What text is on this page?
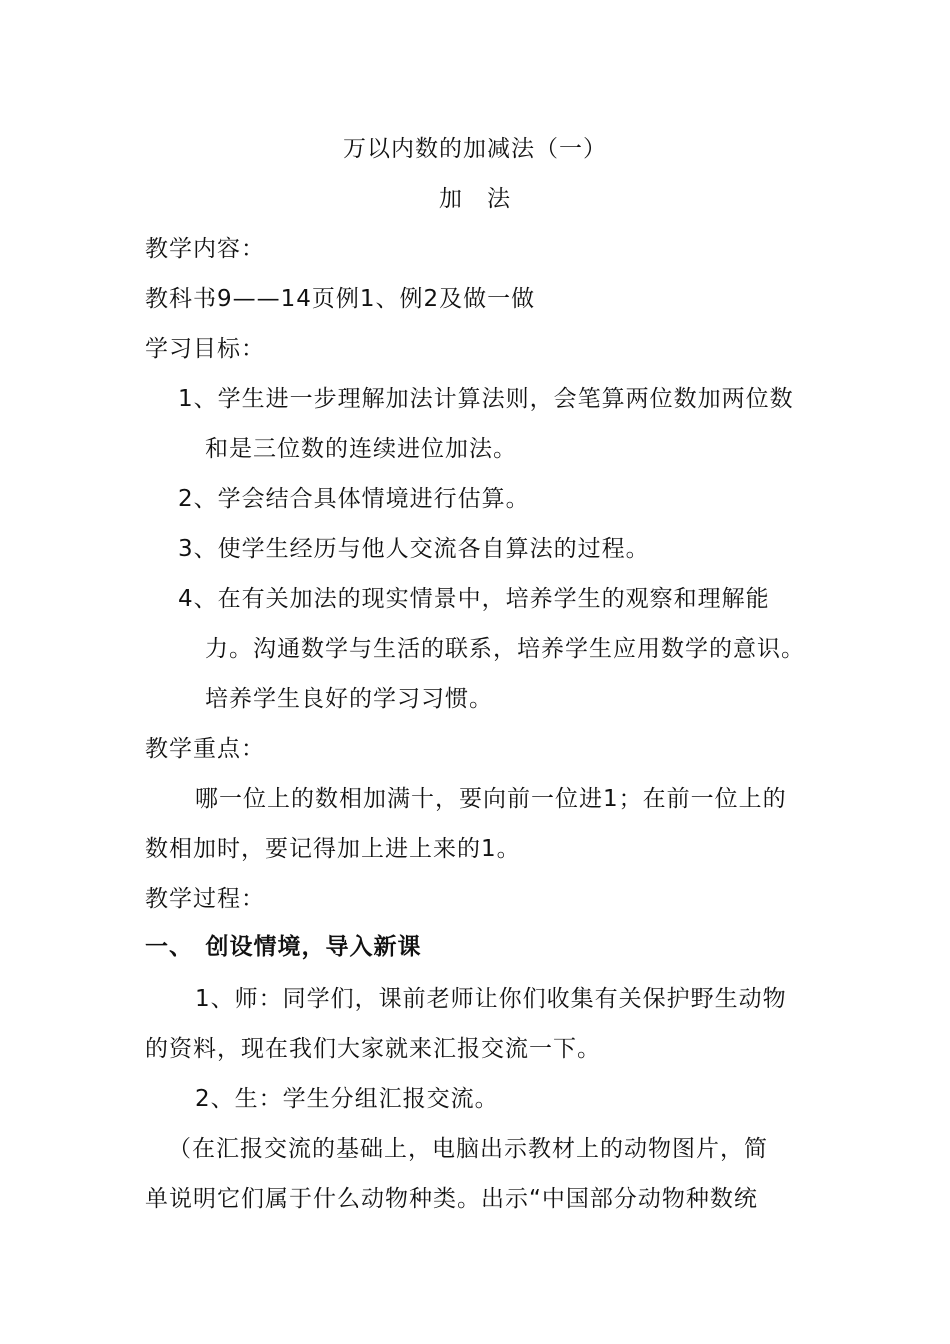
万以内数的加减法（一）
加　法
教学内容：
教科书9——14页例1、例2及做一做
学习目标：
1、学生进一步理解加法计算法则，会笔算两位数加两位数
和是三位数的连续进位加法。
2、学会结合具体情境进行估算。
3、使学生经历与他人交流各自算法的过程。
4、在有关加法的现实情景中，培养学生的观察和理解能
力。沟通数学与生活的联系，培养学生应用数学的意识。
培养学生良好的学习习惯。
教学重点：
哪一位上的数相加满十，要向前一位进1；在前一位上的
数相加时，要记得加上进上来的1。
教学过程：
一、　创设情境，导入新课
1、师：同学们，课前老师让你们收集有关保护野生动物
的资料，现在我们大家就来汇报交流一下。
2、生：学生分组汇报交流。
（在汇报交流的基础上，电脑出示教材上的动物图片，简
单说明它们属于什么动物种类。出示“中国部分动物种数统
